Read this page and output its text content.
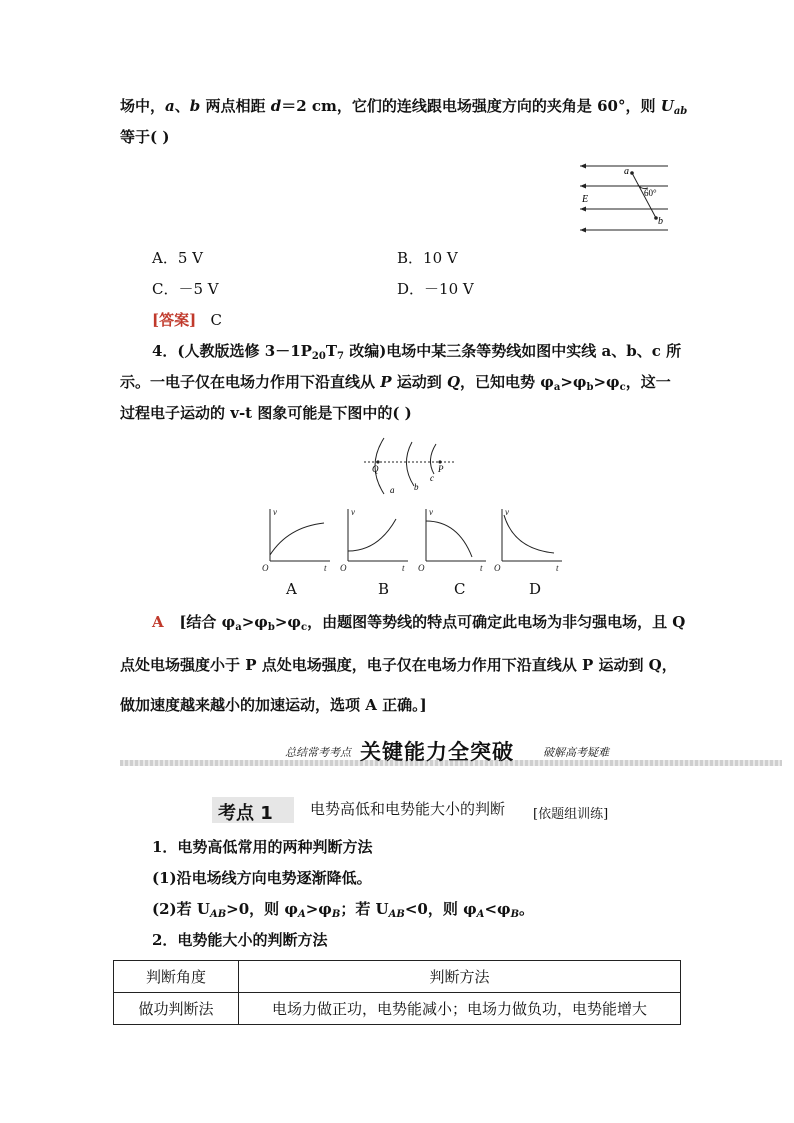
场中，a、b 两点相距 d＝2 cm，它们的连线跟电场强度方向的夹角是 60°，则 $U_{ab}$
等于( )
a
b
E
60°
A．5 V	B．10 V
C．－5 V	D．－10 V
[答案] C
4．(人教版选修 $3-1P_{20}T_7$ 改编)电场中某三条等势线如图中实线 a、b、c 所
示。一电子仅在电场力作用下沿直线从 P 运动到 Q，已知电势 $\varphi_a>\varphi_b>\varphi_c$，这一
过程电子运动的 v-t 图象可能是下图中的( )
Q	P
a b
c
v
t
O
v
t
O
v
t
O
v
t
O
A	B	C	D
A [结合 $\varphi_a>\varphi_b>\varphi_c$，由题图等势线的特点可确定此电场为非匀强电场，且 Q
点处电场强度小于 P 点处电场强度，电子仅在电场力作用下沿直线从 P 运动到 Q，
做加速度越来越小的加速运动，选项 A 正确。]
总结常考考点 关键能力全突破	破解高考疑难
考点 1 电势高低和电势能大小的判断 [依题组训练]
1．电势高低常用的两种判断方法
(1)沿电场线方向电势逐渐降低。
(2)若 $U_{AB}>0$，则 $\varphi_A>\varphi_B$；若 $U_{AB}<0$，则 $\varphi_A<\varphi_B$。
2．电势能大小的判断方法
判断角度	判断方法
做功判断法	电场力做正功，电势能减小；电场力做负功，电势能增大
